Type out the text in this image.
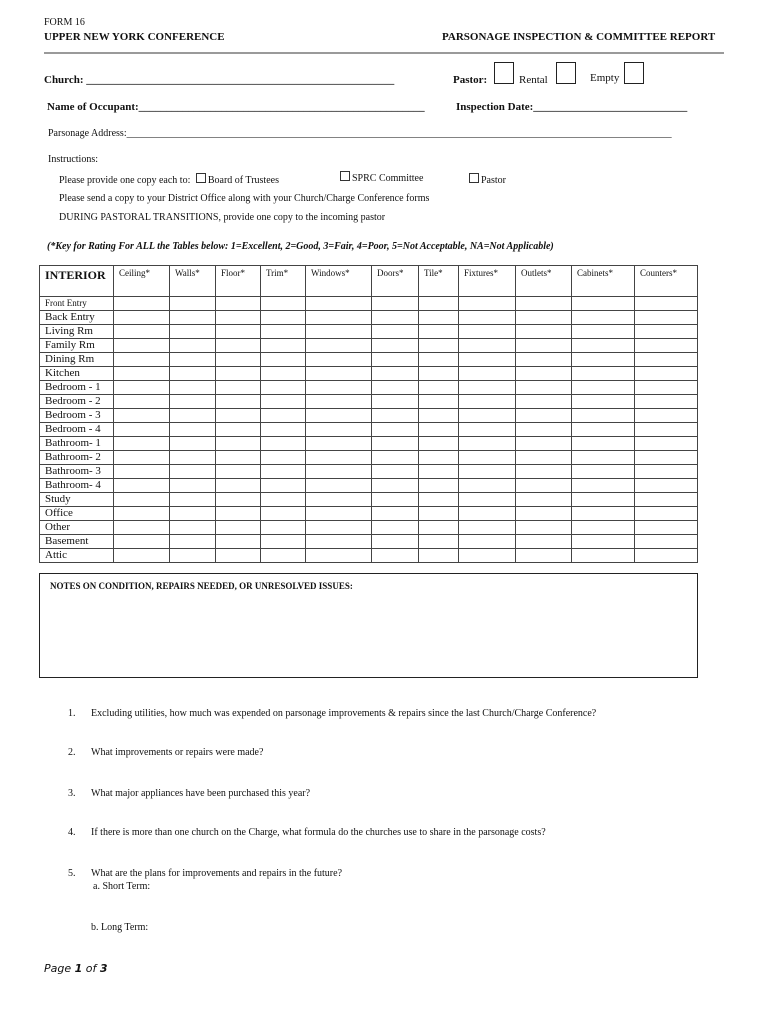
FORM 16
UPPER NEW YORK CONFERENCE	PARSONAGE INSPECTION & COMMITTEE REPORT
Church: ________________________________________________________	Pastor:	Rental	Empty
Name of Occupant:____________________________________________________	Inspection Date:____________________________
Parsonage Address:_____________________________________________________________________________________________________________
Instructions:
Please provide one copy each to: Board of Trustees	SPRC Committee	Pastor
Please send a copy to your District Office along with your Church/Charge Conference forms
DURING PASTORAL TRANSITIONS, provide one copy to the incoming pastor
(*Key for Rating For ALL the Tables below: 1=Excellent, 2=Good, 3=Fair, 4=Poor, 5=Not Acceptable, NA=Not Applicable)
INTERIOR	Ceiling*	Walls*	Floor*	Trim*	Windows*	Doors*	Tile*	Fixtures*	Outlets*	Cabinets*	Counters*
Front Entry											
Back Entry											
Living Rm											
Family Rm											
Dining Rm											
Kitchen											
Bedroom - 1											
Bedroom - 2											
Bedroom - 3											
Bedroom - 4											
Bathroom- 1											
Bathroom- 2											
Bathroom- 3											
Bathroom- 4											
Study											
Office											
Other											
Basement											
Attic											
NOTES ON CONDITION, REPAIRS NEEDED, OR UNRESOLVED ISSUES:
1. Excluding utilities, how much was expended on parsonage improvements & repairs since the last Church/Charge Conference?
2. What improvements or repairs were made?
3. What major appliances have been purchased this year?
4. If there is more than one church on the Charge, what formula do the churches use to share in the parsonage costs?
5. What are the plans for improvements and repairs in the future?
a. Short Term:
b. Long Term:
Page 1 of 3
